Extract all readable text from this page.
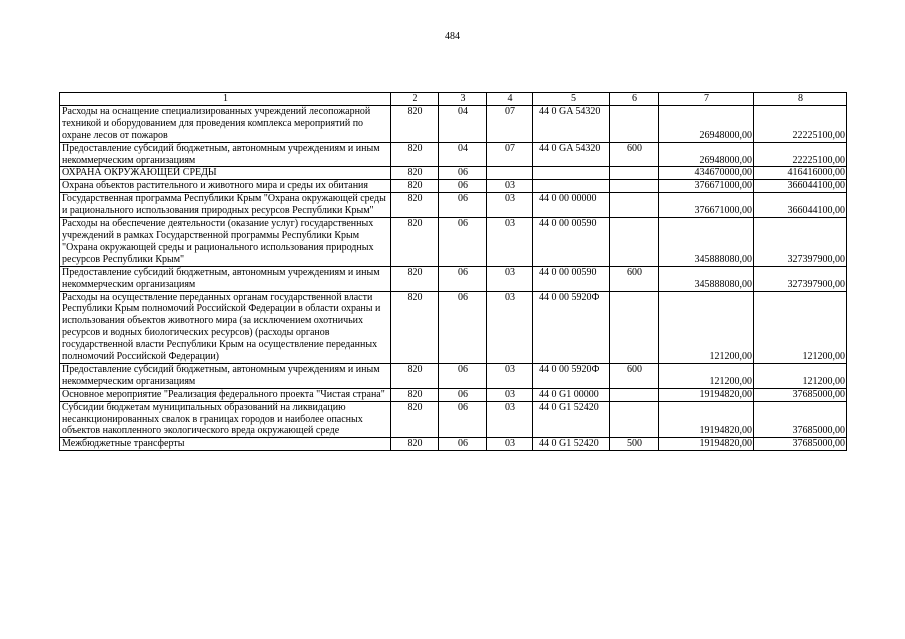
484
1	2	3	4	5	6	7	8
Расходы на оснащение специализированных учреждений лесопожарной техникой и оборудованием для проведения комплекса мероприятий по охране лесов от пожаров	820	04	07	44 0 GA 54320		26948000,00	22225100,00
Предоставление субсидий бюджетным, автономным учреждениям и иным некоммерческим организациям	820	04	07	44 0 GA 54320	600	26948000,00	22225100,00
ОХРАНА ОКРУЖАЮЩЕЙ СРЕДЫ	820	06				434670000,00	416416000,00
Охрана объектов растительного и животного мира и среды их обитания	820	06	03			376671000,00	366044100,00
Государственная программа Республики Крым "Охрана окружающей среды и рационального использования природных ресурсов Республики Крым"	820	06	03	44 0 00 00000		376671000,00	366044100,00
Расходы на обеспечение деятельности (оказание услуг) государственных учреждений в рамках Государственной программы Республики Крым "Охрана окружающей среды и рационального использования природных ресурсов Республики Крым"	820	06	03	44 0 00 00590		345888080,00	327397900,00
Предоставление субсидий бюджетным, автономным учреждениям и иным некоммерческим организациям	820	06	03	44 0 00 00590	600	345888080,00	327397900,00
Расходы на осуществление переданных органам государственной власти Республики Крым полномочий Российской Федерации в области охраны и использования объектов животного мира (за исключением охотничьих ресурсов и водных биологических ресурсов) (расходы органов государственной власти Республики Крым на осуществление переданных полномочий Российской Федерации)	820	06	03	44 0 00 5920Ф		121200,00	121200,00
Предоставление субсидий бюджетным, автономным учреждениям и иным некоммерческим организациям	820	06	03	44 0 00 5920Ф	600	121200,00	121200,00
Основное мероприятие "Реализация федерального проекта "Чистая страна"	820	06	03	44 0 G1 00000		19194820,00	37685000,00
Субсидии бюджетам муниципальных образований на ликвидацию несанкционированных свалок в границах городов и наиболее опасных объектов накопленного экологического вреда окружающей среде	820	06	03	44 0 G1 52420		19194820,00	37685000,00
Межбюджетные трансферты	820	06	03	44 0 G1 52420	500	19194820,00	37685000,00
